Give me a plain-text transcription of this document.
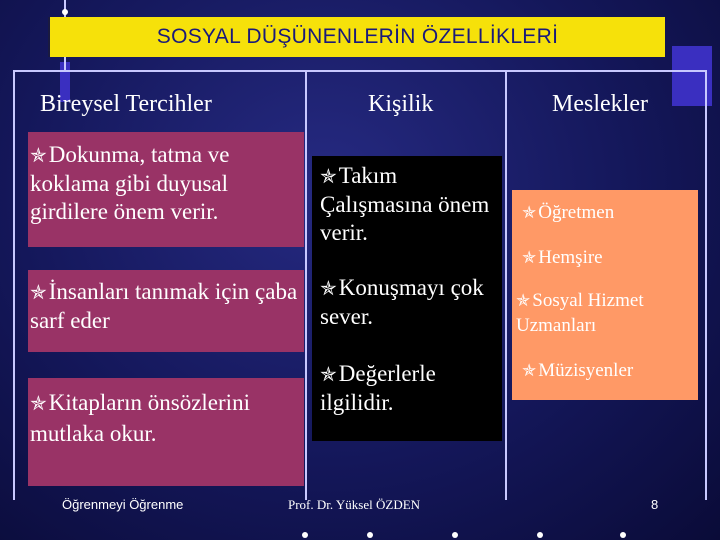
SOSYAL DÜŞÜNENLERİN ÖZELLİKLERİ
Bireysel Tercihler	Kişilik	Meslekler
✯Dokunma, tatma ve koklama gibi duyusal girdilere önem verir.
✯İnsanları tanımak için çaba sarf eder
✯Kitapların önsözlerini mutlaka okur.
✯Takım Çalışmasına önem verir.
✯Konuşmayı çok sever.
✯Değerlerle ilgilidir.
✯ Öğretmen
✯ Hemşire
✯ Sosyal Hizmet Uzmanları
✯ Müzisyenler
Öğrenmeyi Öğrenme	Prof. Dr. Yüksel ÖZDEN	8
